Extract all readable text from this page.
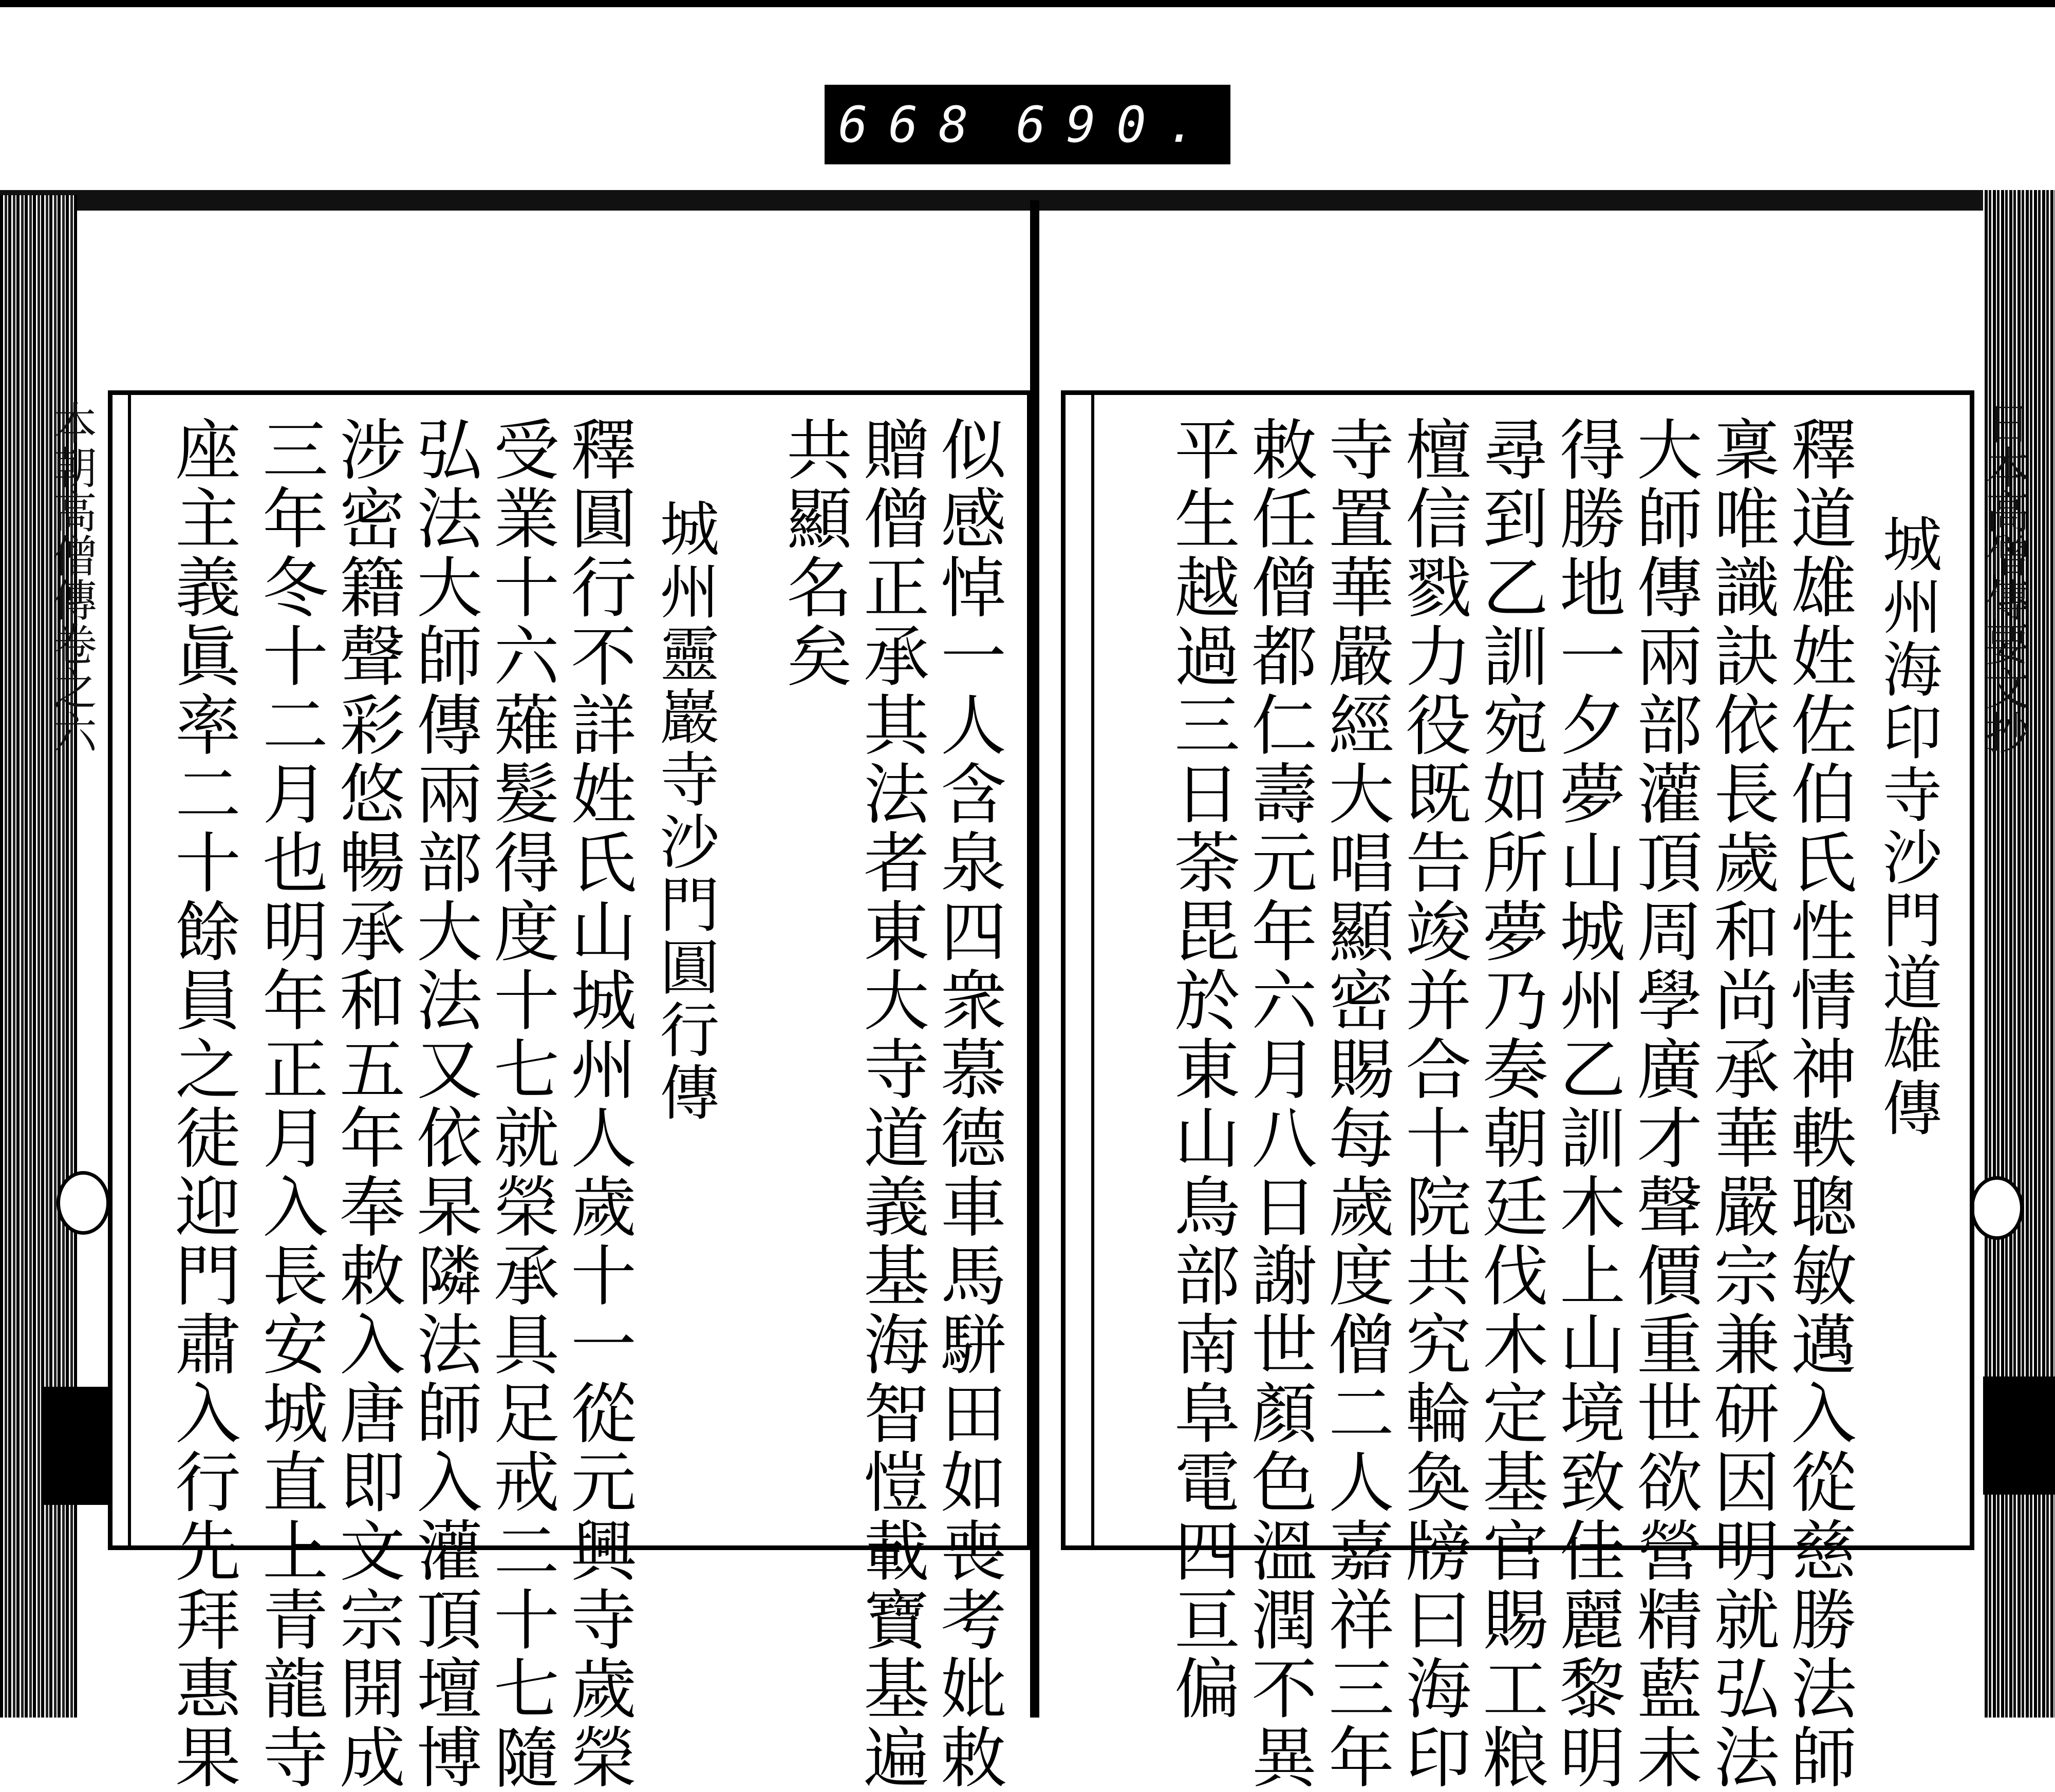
668 690.
本朝高僧傳卷之六	日本高僧傳要文抄
似感悼一人含泉四衆慕德車馬駢田如喪考妣敕
贈僧正承其法者東大寺道義基海智愷載寶基遍
共顯名矣
城州靈巖寺沙門圓行傳
釋圓行不詳姓氏山城州人歲十一從元興寺歲榮
受業十六薙髮得度十七就榮承具足戒二十七隨
弘法大師傳兩部大法又依杲隣法師入灌頂壇博
涉密籍聲彩悠暢承和五年奉敕入唐即文宗開成
三年冬十二月也明年正月入長安城直上青龍寺
座主義眞率二十餘員之徒迎門肅入行先拜惠果	城州海印寺沙門道雄傳
釋道雄姓佐伯氏性情神軼聰敏邁入從慈勝法師
稟唯識訣依長歲和尚承華嚴宗兼研因明就弘法
大師傳兩部灌頂周學廣才聲價重世欲營精藍未
得勝地一夕夢山城州乙訓木上山境致佳麗黎明
尋到乙訓宛如所夢乃奏朝廷伐木定基官賜工粮
檀信戮力役既告竣并合十院共究輪奐牓曰海印
寺置華嚴經大唱顯密賜每歲度僧二人嘉祥三年
敕任僧都仁壽元年六月八日謝世顏色溫潤不異
平生越過三日荼毘於東山鳥部南阜電四亘偏
